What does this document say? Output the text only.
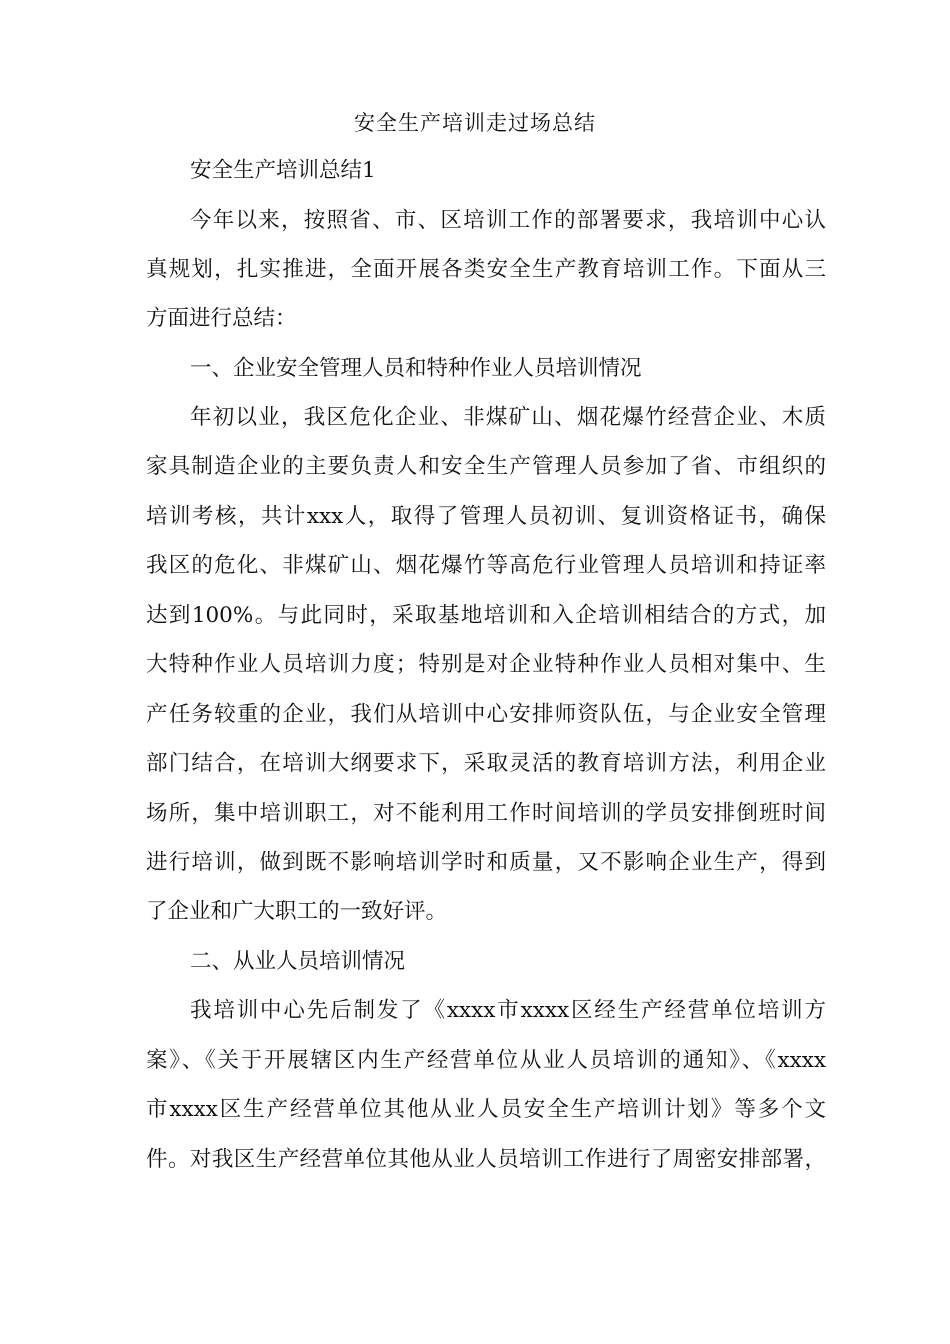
安全生产培训走过场总结
安全生产培训总结1
今年以来，按照省、市、区培训工作的部署要求，我培训中心认
真规划，扎实推进，全面开展各类安全生产教育培训工作。下面从三
方面进行总结：
一、企业安全管理人员和特种作业人员培训情况
年初以业，我区危化企业、非煤矿山、烟花爆竹经营企业、木质
家具制造企业的主要负责人和安全生产管理人员参加了省、市组织的
培训考核，共计xxx人，取得了管理人员初训、复训资格证书，确保
我区的危化、非煤矿山、烟花爆竹等高危行业管理人员培训和持证率
达到100%。与此同时，采取基地培训和入企培训相结合的方式，加
大特种作业人员培训力度；特别是对企业特种作业人员相对集中、生
产任务较重的企业，我们从培训中心安排师资队伍，与企业安全管理
部门结合，在培训大纲要求下，采取灵活的教育培训方法，利用企业
场所，集中培训职工，对不能利用工作时间培训的学员安排倒班时间
进行培训，做到既不影响培训学时和质量，又不影响企业生产，得到
了企业和广大职工的一致好评。
二、从业人员培训情况
我培训中心先后制发了《xxxx市xxxx区经生产经营单位培训方
案》、《关于开展辖区内生产经营单位从业人员培训的通知》、《xxxx
市xxxx区生产经营单位其他从业人员安全生产培训计划》等多个文
件。对我区生产经营单位其他从业人员培训工作进行了周密安排部署，
